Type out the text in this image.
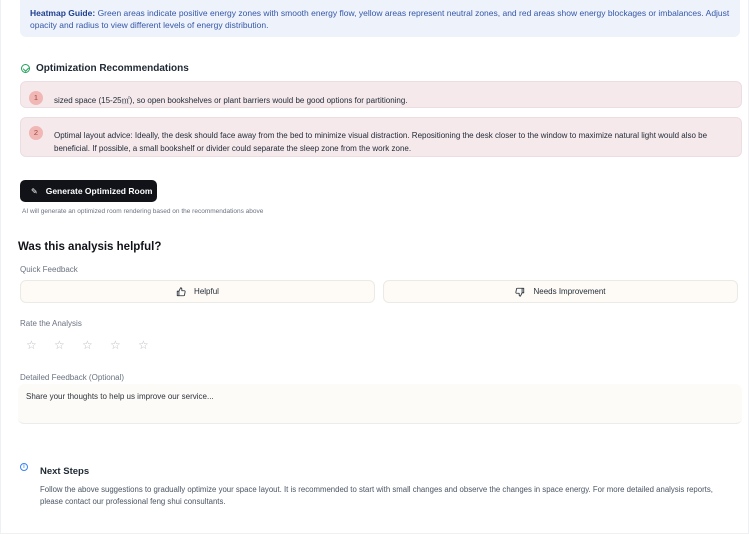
Heatmap Guide: Green areas indicate positive energy zones with smooth energy flow, yellow areas represent neutral zones, and red areas show energy blockages or imbalances. Adjust opacity and radius to view different levels of energy distribution.
Optimization Recommendations
1	sized space (15-25㎡), so open bookshelves or plant barriers would be good options for partitioning.
2	Optimal layout advice: Ideally, the desk should face away from the bed to minimize visual distraction. Repositioning the desk closer to the window to maximize natural light would also be beneficial. If possible, a small bookshelf or divider could separate the sleep zone from the work zone.
✎ Generate Optimized Room
AI will generate an optimized room rendering based on the recommendations above
Was this analysis helpful?
Quick Feedback
Helpful	Needs Improvement
Rate the Analysis
☆ ☆ ☆ ☆ ☆
Detailed Feedback (Optional)
Share your thoughts to help us improve our service...
i	Next Steps
Follow the above suggestions to gradually optimize your space layout. It is recommended to start with small changes and observe the changes in space energy. For more detailed analysis reports, please contact our professional feng shui consultants.
